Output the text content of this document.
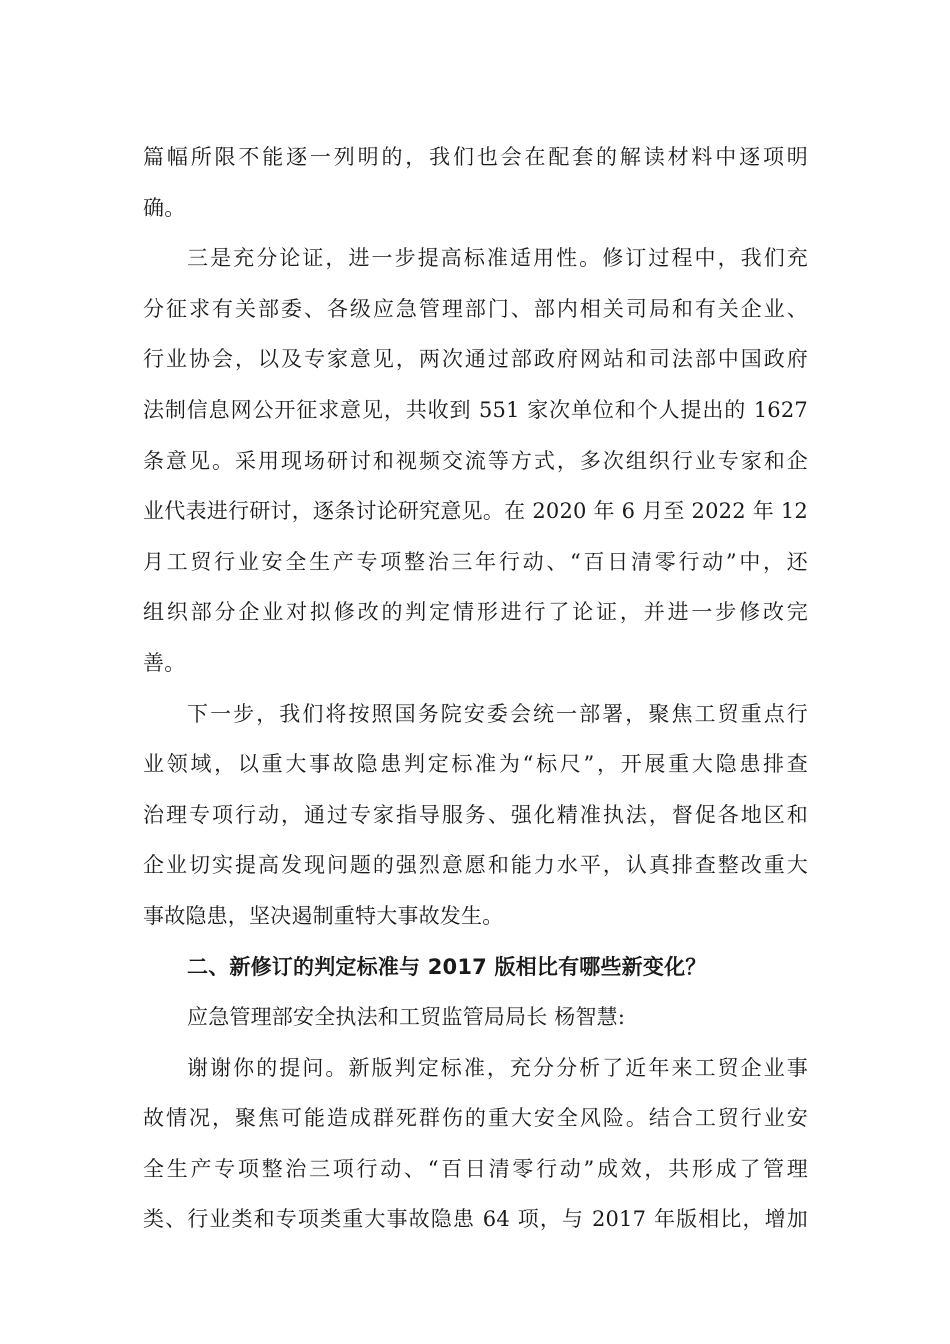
篇幅所限不能逐一列明的，我们也会在配套的解读材料中逐项明
确。
三是充分论证，进一步提高标准适用性。修订过程中，我们充
分征求有关部委、各级应急管理部门、部内相关司局和有关企业、
行业协会，以及专家意见，两次通过部政府网站和司法部中国政府
法制信息网公开征求意见，共收到 551 家次单位和个人提出的 1627
条意见。采用现场研讨和视频交流等方式，多次组织行业专家和企
业代表进行研讨，逐条讨论研究意见。在 2020 年 6 月至 2022 年 12
月工贸行业安全生产专项整治三年行动、“百日清零行动”中，还
组织部分企业对拟修改的判定情形进行了论证，并进一步修改完
善。
下一步，我们将按照国务院安委会统一部署，聚焦工贸重点行
业领域，以重大事故隐患判定标准为“标尺”，开展重大隐患排查
治理专项行动，通过专家指导服务、强化精准执法，督促各地区和
企业切实提高发现问题的强烈意愿和能力水平，认真排查整改重大
事故隐患，坚决遏制重特大事故发生。
二、新修订的判定标准与 2017 版相比有哪些新变化？
应急管理部安全执法和工贸监管局局长 杨智慧:
谢谢你的提问。新版判定标准，充分分析了近年来工贸企业事
故情况，聚焦可能造成群死群伤的重大安全风险。结合工贸行业安
全生产专项整治三项行动、“百日清零行动”成效，共形成了管理
类、行业类和专项类重大事故隐患 64 项，与 2017 年版相比，增加
